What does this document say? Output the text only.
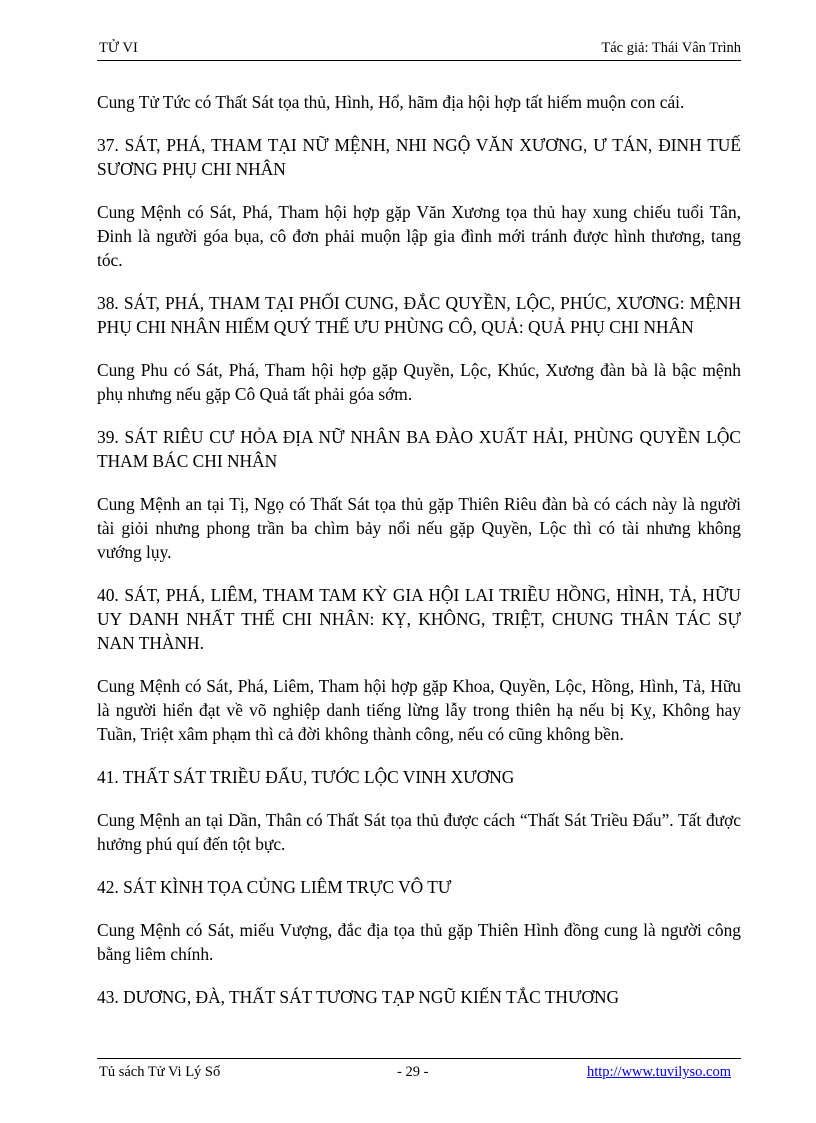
TỬ VI	Tác giả: Thái Vân Trình

Cung Tử Tức có Thất Sát tọa thủ, Hình, Hổ, hãm địa hội hợp tất hiếm muộn con cái.

37. SÁT, PHÁ, THAM TẠI NỮ MỆNH, NHI NGỘ VĂN XƯƠNG, Ư TÁN, ĐINH TUẾ SƯƠNG PHỤ CHI NHÂN

Cung Mệnh có Sát, Phá, Tham hội hợp gặp Văn Xương tọa thủ hay xung chiếu tuổi Tân, Đinh là người góa bụa, cô đơn phải muộn lập gia đình mới tránh được hình thương, tang tóc.

38. SÁT, PHÁ, THAM TẠI PHỐI CUNG, ĐẮC QUYỀN, LỘC, PHÚC, XƯƠNG: MỆNH PHỤ CHI NHÂN HIẾM QUÝ THẾ ƯU PHÙNG CÔ, QUẢ: QUẢ PHỤ CHI NHÂN

Cung Phu có Sát, Phá, Tham hội hợp gặp Quyền, Lộc, Khúc, Xương đàn bà là bậc mệnh phụ nhưng nếu gặp Cô Quả tất phải góa sớm.

39. SÁT RIÊU CƯ HỎA ĐỊA NỮ NHÂN BA ĐÀO XUẤT HẢI, PHÙNG QUYỀN LỘC THAM BÁC CHI NHÂN

Cung Mệnh an tại Tị, Ngọ có Thất Sát tọa thủ gặp Thiên Riêu đàn bà có cách này là người tài giỏi nhưng phong trần ba chìm bảy nổi nếu gặp Quyền, Lộc thì có tài nhưng không vướng lụy.

40. SÁT, PHÁ, LIÊM, THAM TAM KỲ GIA HỘI LAI TRIỀU HỒNG, HÌNH, TẢ, HỮU UY DANH NHẤT THẾ CHI NHÂN: KỴ, KHÔNG, TRIỆT, CHUNG THÂN TÁC SỰ NAN THÀNH.

Cung Mệnh có Sát, Phá, Liêm, Tham hội hợp gặp Khoa, Quyền, Lộc, Hồng, Hình, Tả, Hữu là người hiển đạt về võ nghiệp danh tiếng lừng lẫy trong thiên hạ nếu bị Kỵ, Không hay Tuần, Triệt xâm phạm thì cả đời không thành công, nếu có cũng không bền.

41. THẤT SÁT TRIỀU ĐẨU, TƯỚC LỘC VINH XƯƠNG

Cung Mệnh an tại Dần, Thân có Thất Sát tọa thủ được cách “Thất Sát Triều Đẩu”. Tất được hưởng phú quí đến tột bực.

42. SÁT KÌNH TỌA CỦNG LIÊM TRỰC VÔ TƯ

Cung Mệnh có Sát, miếu Vượng, đắc địa tọa thủ gặp Thiên Hình đồng cung là người công bằng liêm chính.

43. DƯƠNG, ĐÀ, THẤT SÁT TƯƠNG TẠP NGŨ KIẾN TẮC THƯƠNG

Tủ sách Tử Vi Lý Số	- 29 -	http://www.tuvilyso.com
